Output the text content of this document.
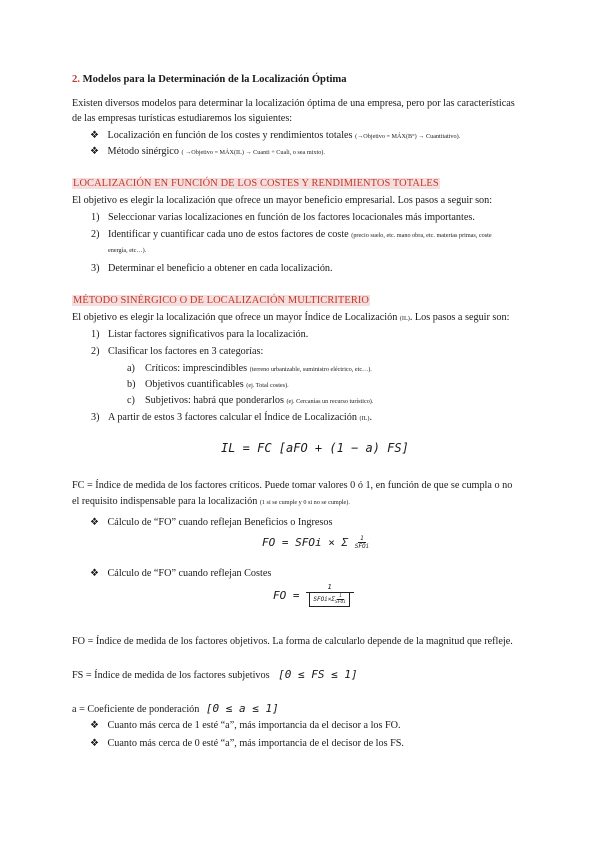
2. Modelos para la Determinación de la Localización Óptima
Existen diversos modelos para determinar la localización óptima de una empresa, pero por las características
de las empresas turísticas estudiaremos los siguientes:
❖ Localización en función de los costes y rendimientos totales (→Objetivo = MÁX(B°) → Cuantitativo).
❖ Método sinérgico ( →Objetivo = MÁX(IL) → Cuanti + Cuali, o sea mixto).
LOCALIZACIÓN EN FUNCIÓN DE LOS COSTES Y RENDIMIENTOS TOTALES
El objetivo es elegir la localización que ofrece un mayor beneficio empresarial. Los pasos a seguir son:
1) Seleccionar varias localizaciones en función de los factores locacionales más importantes.
2) Identificar y cuantificar cada uno de estos factores de coste (precio suelo, etc. mano obra, etc. materias primas, coste
energía, etc…).
3) Determinar el beneficio a obtener en cada localización.
MÉTODO SINÉRGICO O DE LOCALIZACIÓN MULTICRITERIO
El objetivo es elegir la localización que ofrece un mayor Índice de Localización (IL). Los pasos a seguir son:
1) Listar factores significativos para la localización.
2) Clasificar los factores en 3 categorías:
a) Críticos: imprescindibles (terreno urbanizable, suministro eléctrico, etc…).
b) Objetivos cuantificables (ej. Total costes).
c) Subjetivos: habrá que ponderarlos (ej. Cercanías un recurso turístico).
3) A partir de estos 3 factores calcular el Índice de Localización (IL).
IL = FC [aFO + (1 − a) FS]
FC = Índice de medida de los factores críticos. Puede tomar valores 0 ó 1, en función de que se cumpla o no
el requisito indispensable para la localización (1 si se cumple y 0 si no se cumple).
❖ Cálculo de “FO” cuando reflejan Beneficios o Ingresos
FO = SFOi × Σ $\frac{1}{\text{SFOi}}$
❖ Cálculo de “FO” cuando reflejan Costes
FO =
1
SFOi×Σ $\frac{1}{\text{SFOi}}$
FO = Índice de medida de los factores objetivos. La forma de calcularlo depende de la magnitud que refleje.
FS = Índice de medida de los factores subjetivos [0 ≤ FS ≤ 1]
a = Coeficiente de ponderación [0 ≤ a ≤ 1]
❖ Cuanto más cerca de 1 esté “a”, más importancia da el decisor a los FO.
❖ Cuanto más cerca de 0 esté “a”, más importancia de el decisor de los FS.
